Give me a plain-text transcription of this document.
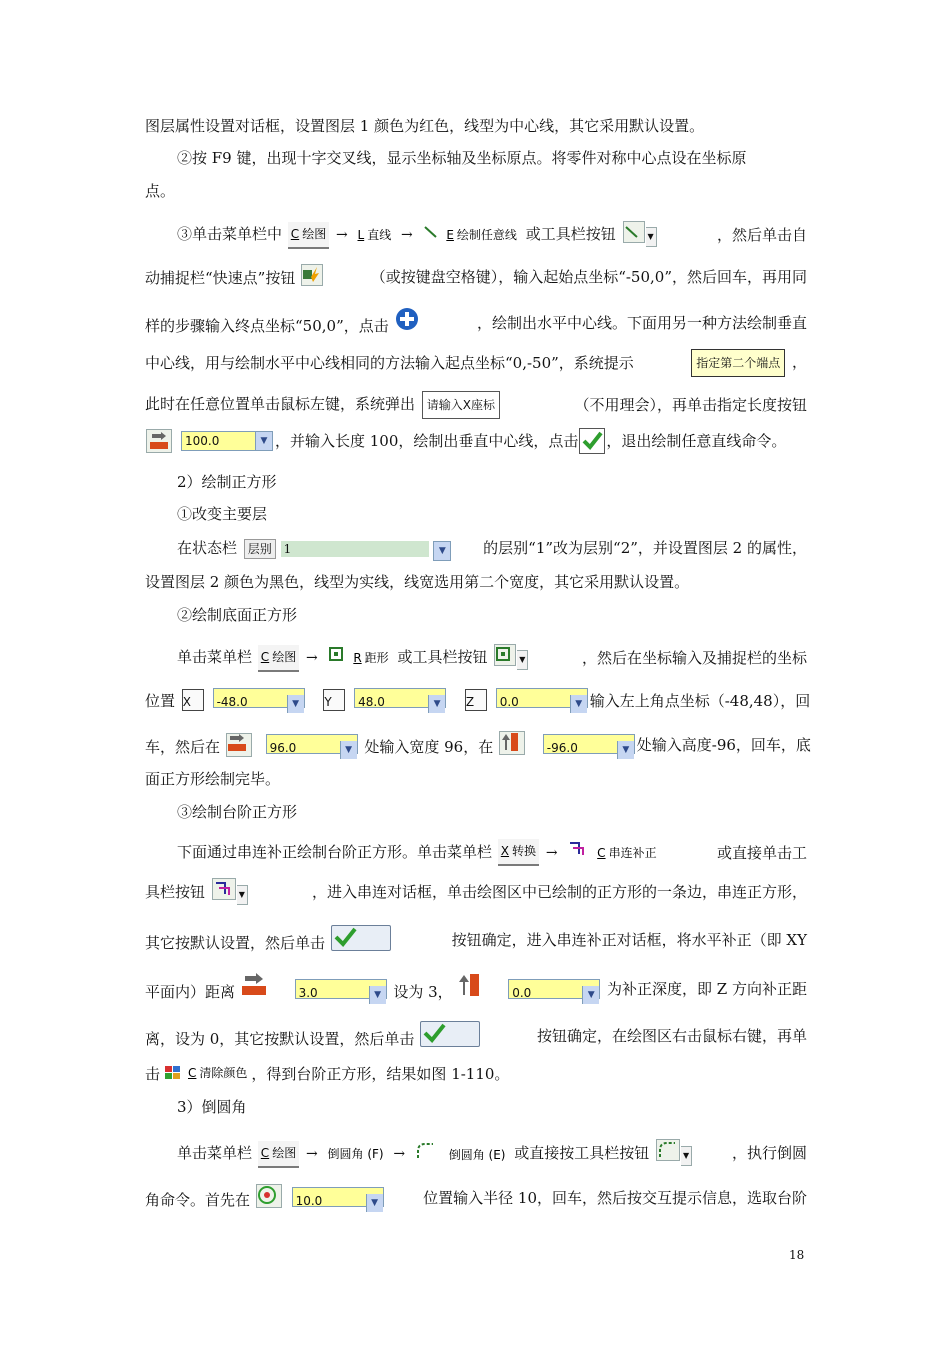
图层属性设置对话框，设置图层 1 颜色为红色，线型为中心线，其它采用默认设置。
②按 F9 键，出现十字交叉线，显示坐标轴及坐标原点。将零件对称中心点设在坐标原
点。
③单击菜单栏中 C 绘图 → L 直线 →	E 绘制任意线 或工具栏按钮	▼	，然后单击自
动捕捉栏“快速点”按钮	（或按键盘空格键），输入起始点坐标“-50,0”，然后回车，再用同
样的步骤输入终点坐标“50,0”，点击	，绘制出水平中心线。下面用另一种方法绘制垂直
中心线，用与绘制水平中心线相同的方法输入起点坐标“0,-50”，系统提示	指定第二个端点 ，
此时在任意位置单击鼠标左键，系统弹出 请输入X座标	（不用理会），再单击指定长度按钮
100.0	▼ ，并输入长度 100，绘制出垂直中心线，点击 ，退出绘制任意直线命令。
2）绘制正方形
①改变主要层
在状态栏 层别 1	▼	的层别“1”改为层别“2”，并设置图层 2 的属性，
设置图层 2 颜色为黑色，线型为实线，线宽选用第二个宽度，其它采用默认设置。
②绘制底面正方形
单击菜单栏 C 绘图 →	R 距形 或工具栏按钮	▼	，然后在坐标输入及捕捉栏的坐标
位置 X -48.0	▼ Y 48.0	▼ Z 0.0	▼ 输入左上角点坐标（-48,48），回
车，然后在	96.0	▼ 处输入宽度 96，在	-96.0	▼ 处输入高度-96，回车，底
面正方形绘制完毕。
③绘制台阶正方形
下面通过串连补正绘制台阶正方形。单击菜单栏 X 转换 →	C 串连补正	或直接单击工
具栏按钮	▼	，进入串连对话框，单击绘图区中已绘制的正方形的一条边，串连正方形，
其它按默认设置，然后单击	按钮确定，进入串连补正对话框，将水平补正（即 XY
平面内）距离	3.0	▼ 设为 3，	0.0	▼ 为补正深度，即 Z 方向补正距
离，设为 0，其它按默认设置，然后单击	按钮确定，在绘图区右击鼠标右键，再单
击 C 清除颜色 ，得到台阶正方形，结果如图 1-110。
3）倒圆角
单击菜单栏 C 绘图 → 倒圆角 (F) →	倒圆角 (E) 或直接按工具栏按钮	▼	，执行倒圆
角命令。首先在	10.0	▼	位置输入半径 10，回车，然后按交互提示信息，选取台阶
18
